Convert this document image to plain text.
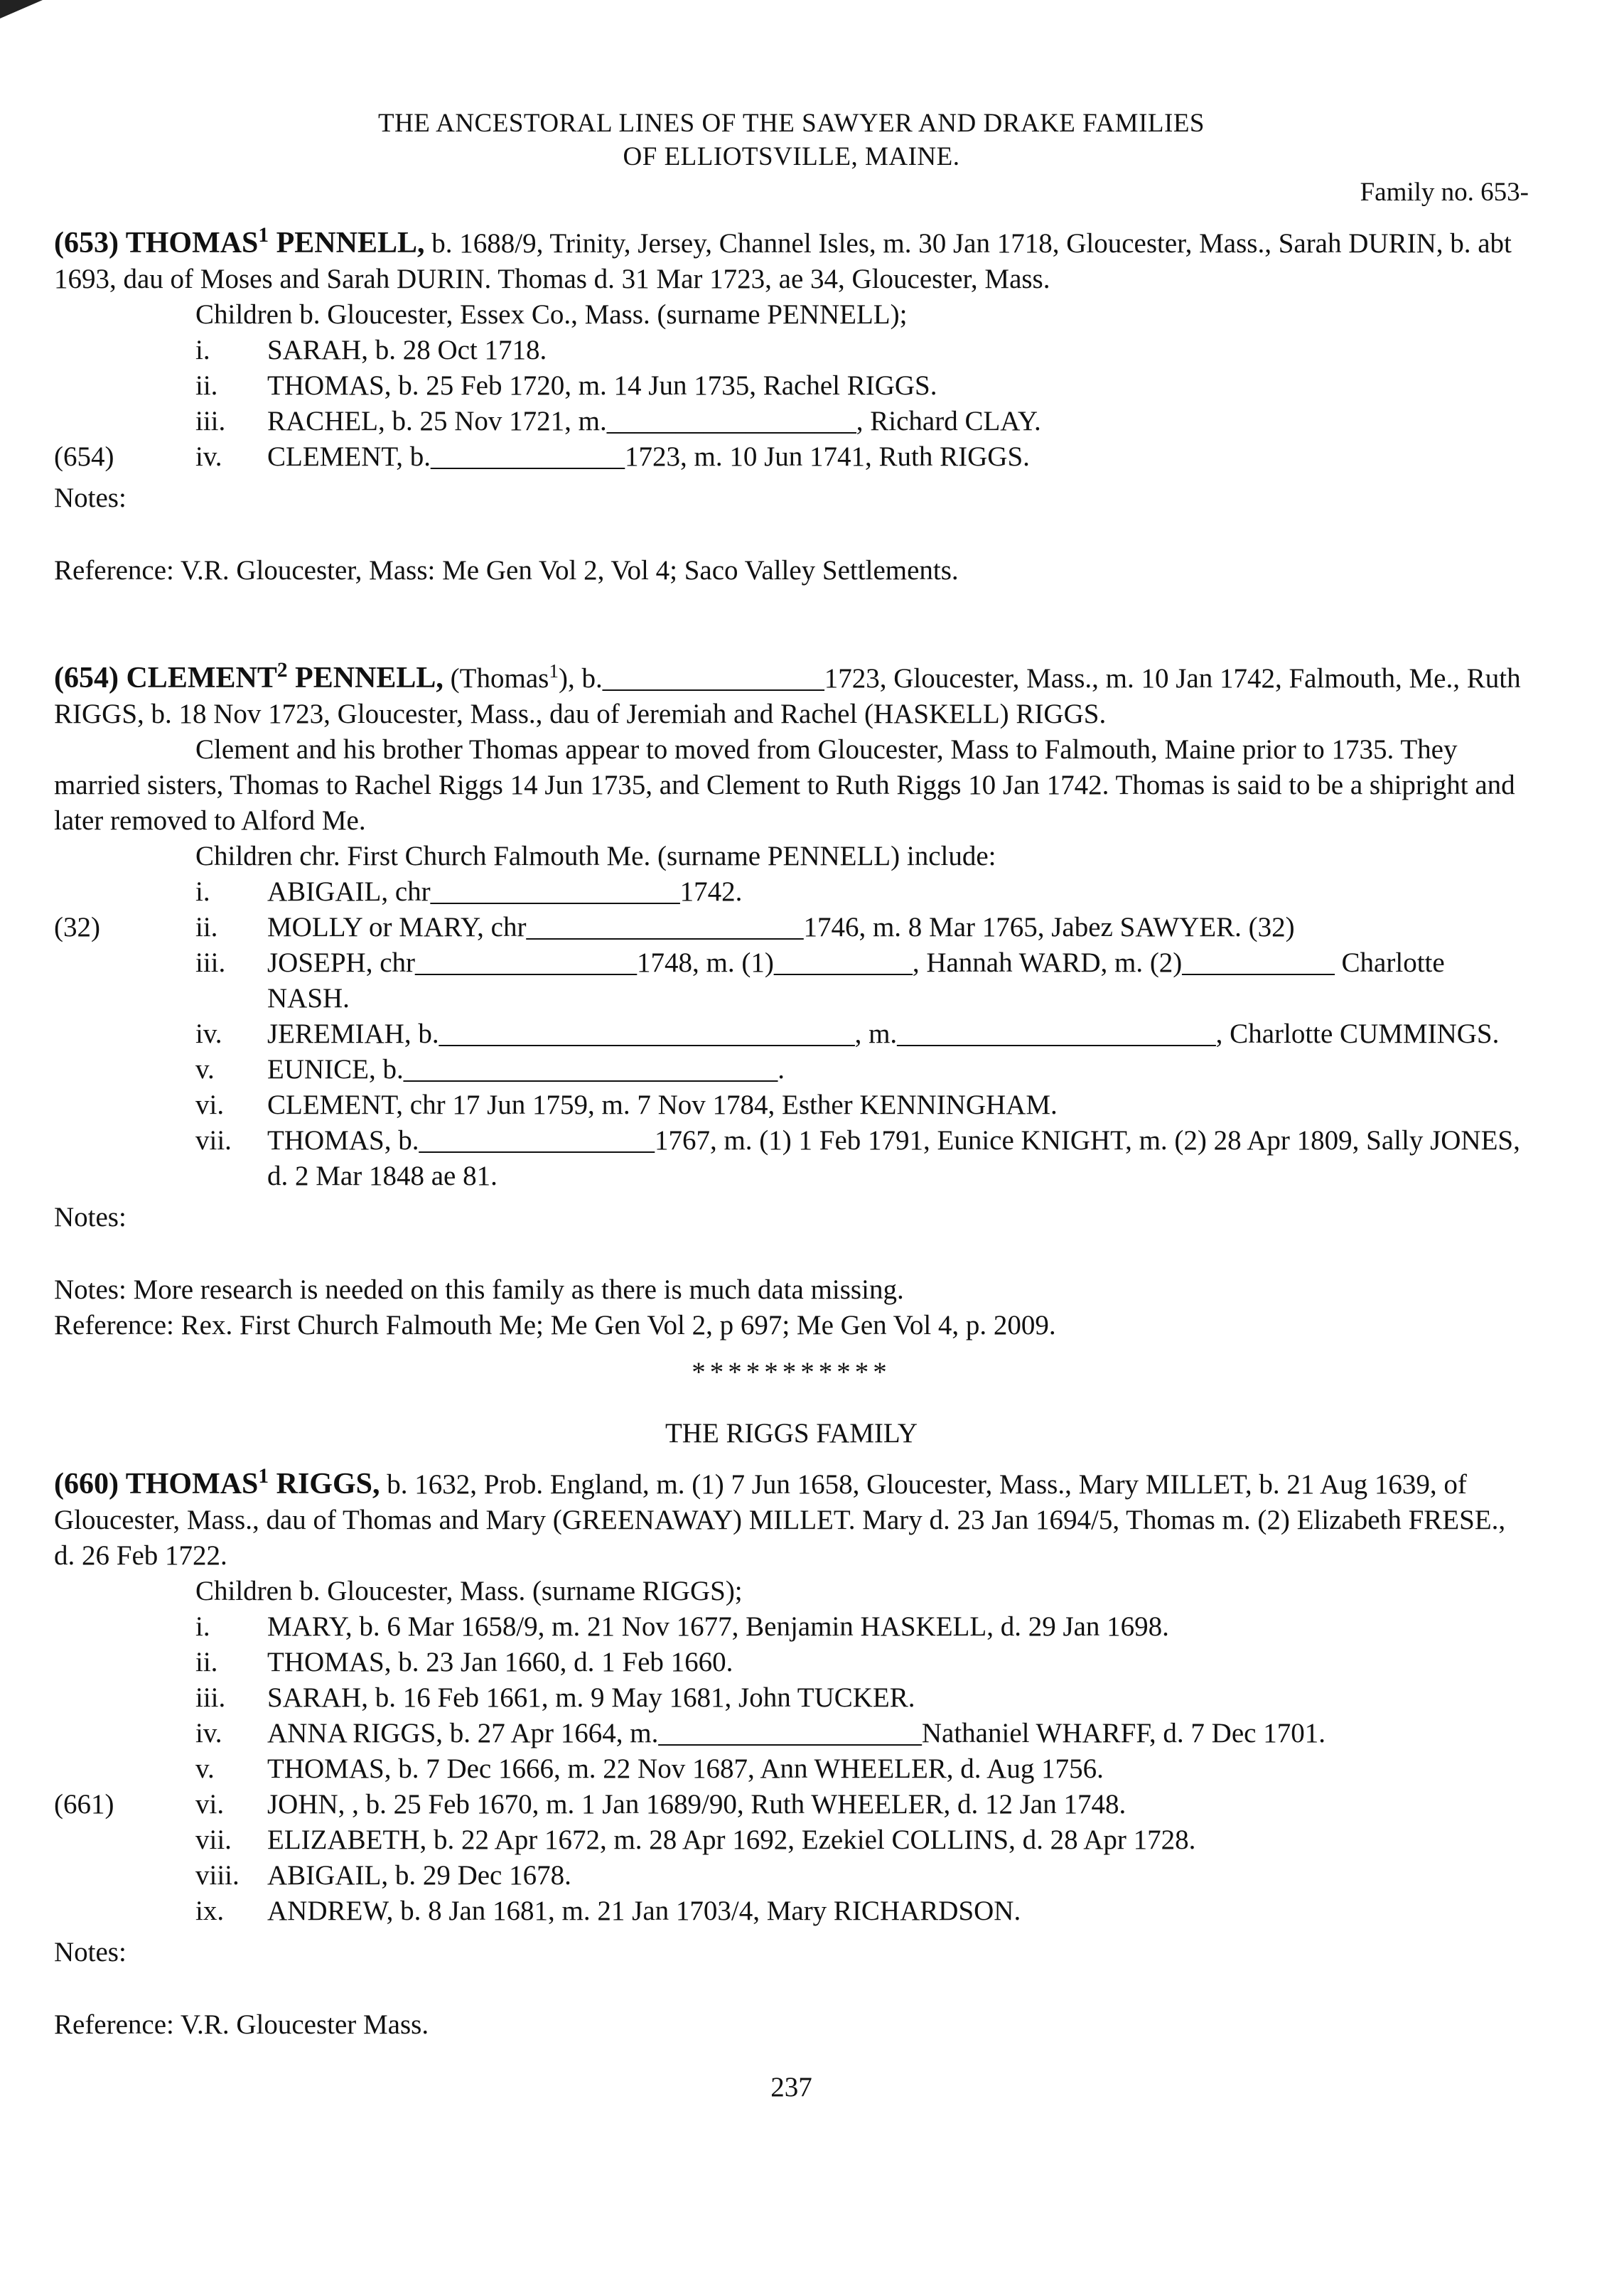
THE ANCESTORAL LINES OF THE SAWYER AND DRAKE FAMILIES
OF ELLIOTSVILLE, MAINE.
Family no. 653-
(653) THOMAS$^1$ PENNELL, b. 1688/9, Trinity, Jersey, Channel Isles, m. 30 Jan 1718, Gloucester, Mass., Sarah DURIN, b. abt 1693, dau of Moses and Sarah DURIN. Thomas d. 31 Mar 1723, ae 34, Gloucester, Mass.
Children b. Gloucester, Essex Co., Mass. (surname PENNELL);
i.	SARAH, b. 28 Oct 1718.
ii.	THOMAS, b. 25 Feb 1720, m. 14 Jun 1735, Rachel RIGGS.
iii.	RACHEL, b. 25 Nov 1721, m.__________________, Richard CLAY.
(654)	iv.	CLEMENT, b.______________1723, m. 10 Jun 1741, Ruth RIGGS.
Notes:
Reference: V.R. Gloucester, Mass: Me Gen Vol 2, Vol 4; Saco Valley Settlements.
(654) CLEMENT$^2$ PENNELL, (Thomas$^1$), b.________________1723, Gloucester, Mass., m. 10 Jan 1742, Falmouth, Me., Ruth RIGGS, b. 18 Nov 1723, Gloucester, Mass., dau of Jeremiah and Rachel (HASKELL) RIGGS.
Clement and his brother Thomas appear to moved from Gloucester, Mass to Falmouth, Maine prior to 1735. They married sisters, Thomas to Rachel Riggs 14 Jun 1735, and Clement to Ruth Riggs 10 Jan 1742. Thomas is said to be a shipright and later removed to Alford Me.
Children chr. First Church Falmouth Me. (surname PENNELL) include:
i.	ABIGAIL, chr__________________1742.
(32)	ii.	MOLLY or MARY, chr____________________1746, m. 8 Mar 1765, Jabez SAWYER. (32)
iii.	JOSEPH, chr________________1748, m. (1)__________, Hannah WARD, m. (2)___________ Charlotte NASH.
iv.	JEREMIAH, b.______________________________, m._______________________, Charlotte CUMMINGS.
v.	EUNICE, b.___________________________.
vi.	CLEMENT, chr 17 Jun 1759, m. 7 Nov 1784, Esther KENNINGHAM.
vii.	THOMAS, b._________________1767, m. (1) 1 Feb 1791, Eunice KNIGHT, m. (2) 28 Apr 1809, Sally JONES, d. 2 Mar 1848 ae 81.
Notes:
Notes: More research is needed on this family as there is much data missing.
Reference: Rex. First Church Falmouth Me; Me Gen Vol 2, p 697; Me Gen Vol 4, p. 2009.
***********
THE RIGGS FAMILY
(660) THOMAS$^1$ RIGGS, b. 1632, Prob. England, m. (1) 7 Jun 1658, Gloucester, Mass., Mary MILLET, b. 21 Aug 1639, of Gloucester, Mass., dau of Thomas and Mary (GREENAWAY) MILLET. Mary d. 23 Jan 1694/5, Thomas m. (2) Elizabeth FRESE., d. 26 Feb 1722.
Children b. Gloucester, Mass. (surname RIGGS);
i.	MARY, b. 6 Mar 1658/9, m. 21 Nov 1677, Benjamin HASKELL, d. 29 Jan 1698.
ii.	THOMAS, b. 23 Jan 1660, d. 1 Feb 1660.
iii.	SARAH, b. 16 Feb 1661, m. 9 May 1681, John TUCKER.
iv.	ANNA RIGGS, b. 27 Apr 1664, m.___________________Nathaniel WHARFF, d. 7 Dec 1701.
v.	THOMAS, b. 7 Dec 1666, m. 22 Nov 1687, Ann WHEELER, d. Aug 1756.
(661)	vi.	JOHN, , b. 25 Feb 1670, m. 1 Jan 1689/90, Ruth WHEELER, d. 12 Jan 1748.
vii.	ELIZABETH, b. 22 Apr 1672, m. 28 Apr 1692, Ezekiel COLLINS, d. 28 Apr 1728.
viii.	ABIGAIL, b. 29 Dec 1678.
ix.	ANDREW, b. 8 Jan 1681, m. 21 Jan 1703/4, Mary RICHARDSON.
Notes:
Reference: V.R. Gloucester Mass.
237
